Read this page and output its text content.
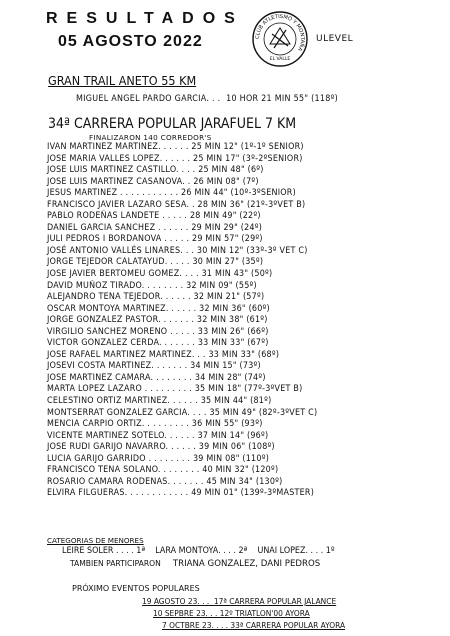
RESULTADOS
05 AGOSTO 2022	CLUB ATLETISMO Y MONTAÑA
EL VALLE
ULEVEL
GRAN TRAIL ANETO 55 KM
MIGUEL ANGEL PARDO GARCIA. . .  10 HOR 21 MIN 55" (118º)
34ª CARRERA POPULAR JARAFUEL 7 KM
FINALIZARON 140 CORREDOR'S
IVAN MARTINEZ MARTINEZ. . . . . . 25 MIN 12" (1º-1º SENIOR)
JOSE MARIA VALLES LOPEZ. . . . . . 25 MIN 17" (3º-2ºSENIOR)
JOSE LUIS MARTINEZ CASTILLO. . . . 25 MIN 48" (6º)
JOSE LUIS MARTINEZ CASANOVA. . 26 MIN 08" (7º)
JESUS MARTINEZ . . . . . . . . . . . 26 MIN 44" (10º-3ºSENIOR)
FRANCISCO JAVIER LAZARO SESA. . 28 MIN 36" (21º-3ºVET B)
PABLO RODEÑAS LANDETE . . . . . 28 MIN 49" (22º)
DANIEL GARCIA SANCHEZ . . . . . . 29 MIN 29" (24º)
JULI PEDROS I BORDANOVA . . . . . 29 MIN 57" (29º)
JOSÉ ANTONIO VALLÉS LINARES. . . 30 MIN 12" (33º-3º VET C)
JORGE TEJEDOR CALATAYUD. . . . . 30 MIN 27" (35º)
JOSE JAVIER BERTOMEU GOMEZ. . . . 31 MIN 43" (50º)
DAVID MUÑOZ TIRADO. . . . . . . . 32 MIN 09" (55º)
ALEJANDRO TENA TEJEDOR. . . . . . 32 MIN 21" (57º)
OSCAR MONTOYA MARTINEZ. . . . . . 32 MIN 36" (60º)
JORGE GONZALEZ PASTOR. . . . . . . 32 MIN 38" (61º)
VIRGILIO SANCHEZ MORENO . . . . . 33 MIN 26" (66º)
VICTOR GONZALEZ CERDA. . . . . . . 33 MIN 33" (67º)
JOSE RAFAEL MARTINEZ MARTINEZ. . . 33 MIN 33" (68º)
JOSEVI COSTA MARTINEZ. . . . . . . 34 MIN 15" (73º)
JOSE MARTINEZ CAMARA. . . . . . . . 34 MIN 28" (74º)
MARTA LOPEZ LAZARO . . . . . . . . . 35 MIN 18" (77º-3ºVET B)
CELESTINO ORTIZ MARTINEZ. . . . . . 35 MIN 44" (81º)
MONTSERRAT GONZALEZ GARCIA. . . . 35 MIN 49" (82º-3ºVET C)
MENCIA CARPIO ORTIZ. . . . . . . . . 36 MIN 55" (93º)
VICENTE MARTINEZ SOTELO. . . . . . 37 MIN 14" (96º)
JOSE RUDI GARIJO NAVARRO. . . . . . 39 MIN 06" (108º)
LUCIA GARIJO GARRIDO . . . . . . . . 39 MIN 08" (110º)
FRANCISCO TENA SOLANO. . . . . . . . 40 MIN 32" (120º)
ROSARIO CAMARA RODENAS. . . . . . . 45 MIN 34" (130º)
ELVIRA FILGUERAS. . . . . . . . . . . . 49 MIN 01" (139º-3ºMASTER)
CATEGORIAS DE MENORES
LEIRE SOLER . . . . 1ª    LARA MONTOYA. . . . 2ª    UNAI LOPEZ. . . . 1º
TAMBIEN PARTICIPARON TRIANA GONZALEZ, DANI PEDROS
PRÓXIMO EVENTOS POPULARES
19 AGOSTO 23. . .  17ª CARRERA POPULAR JALANCE
10 SEPBRE 23. . . 12º TRIATLON'00 AYORA
7 OCTBRE 23. . . . 33ª CARRERA POPULAR AYORA
